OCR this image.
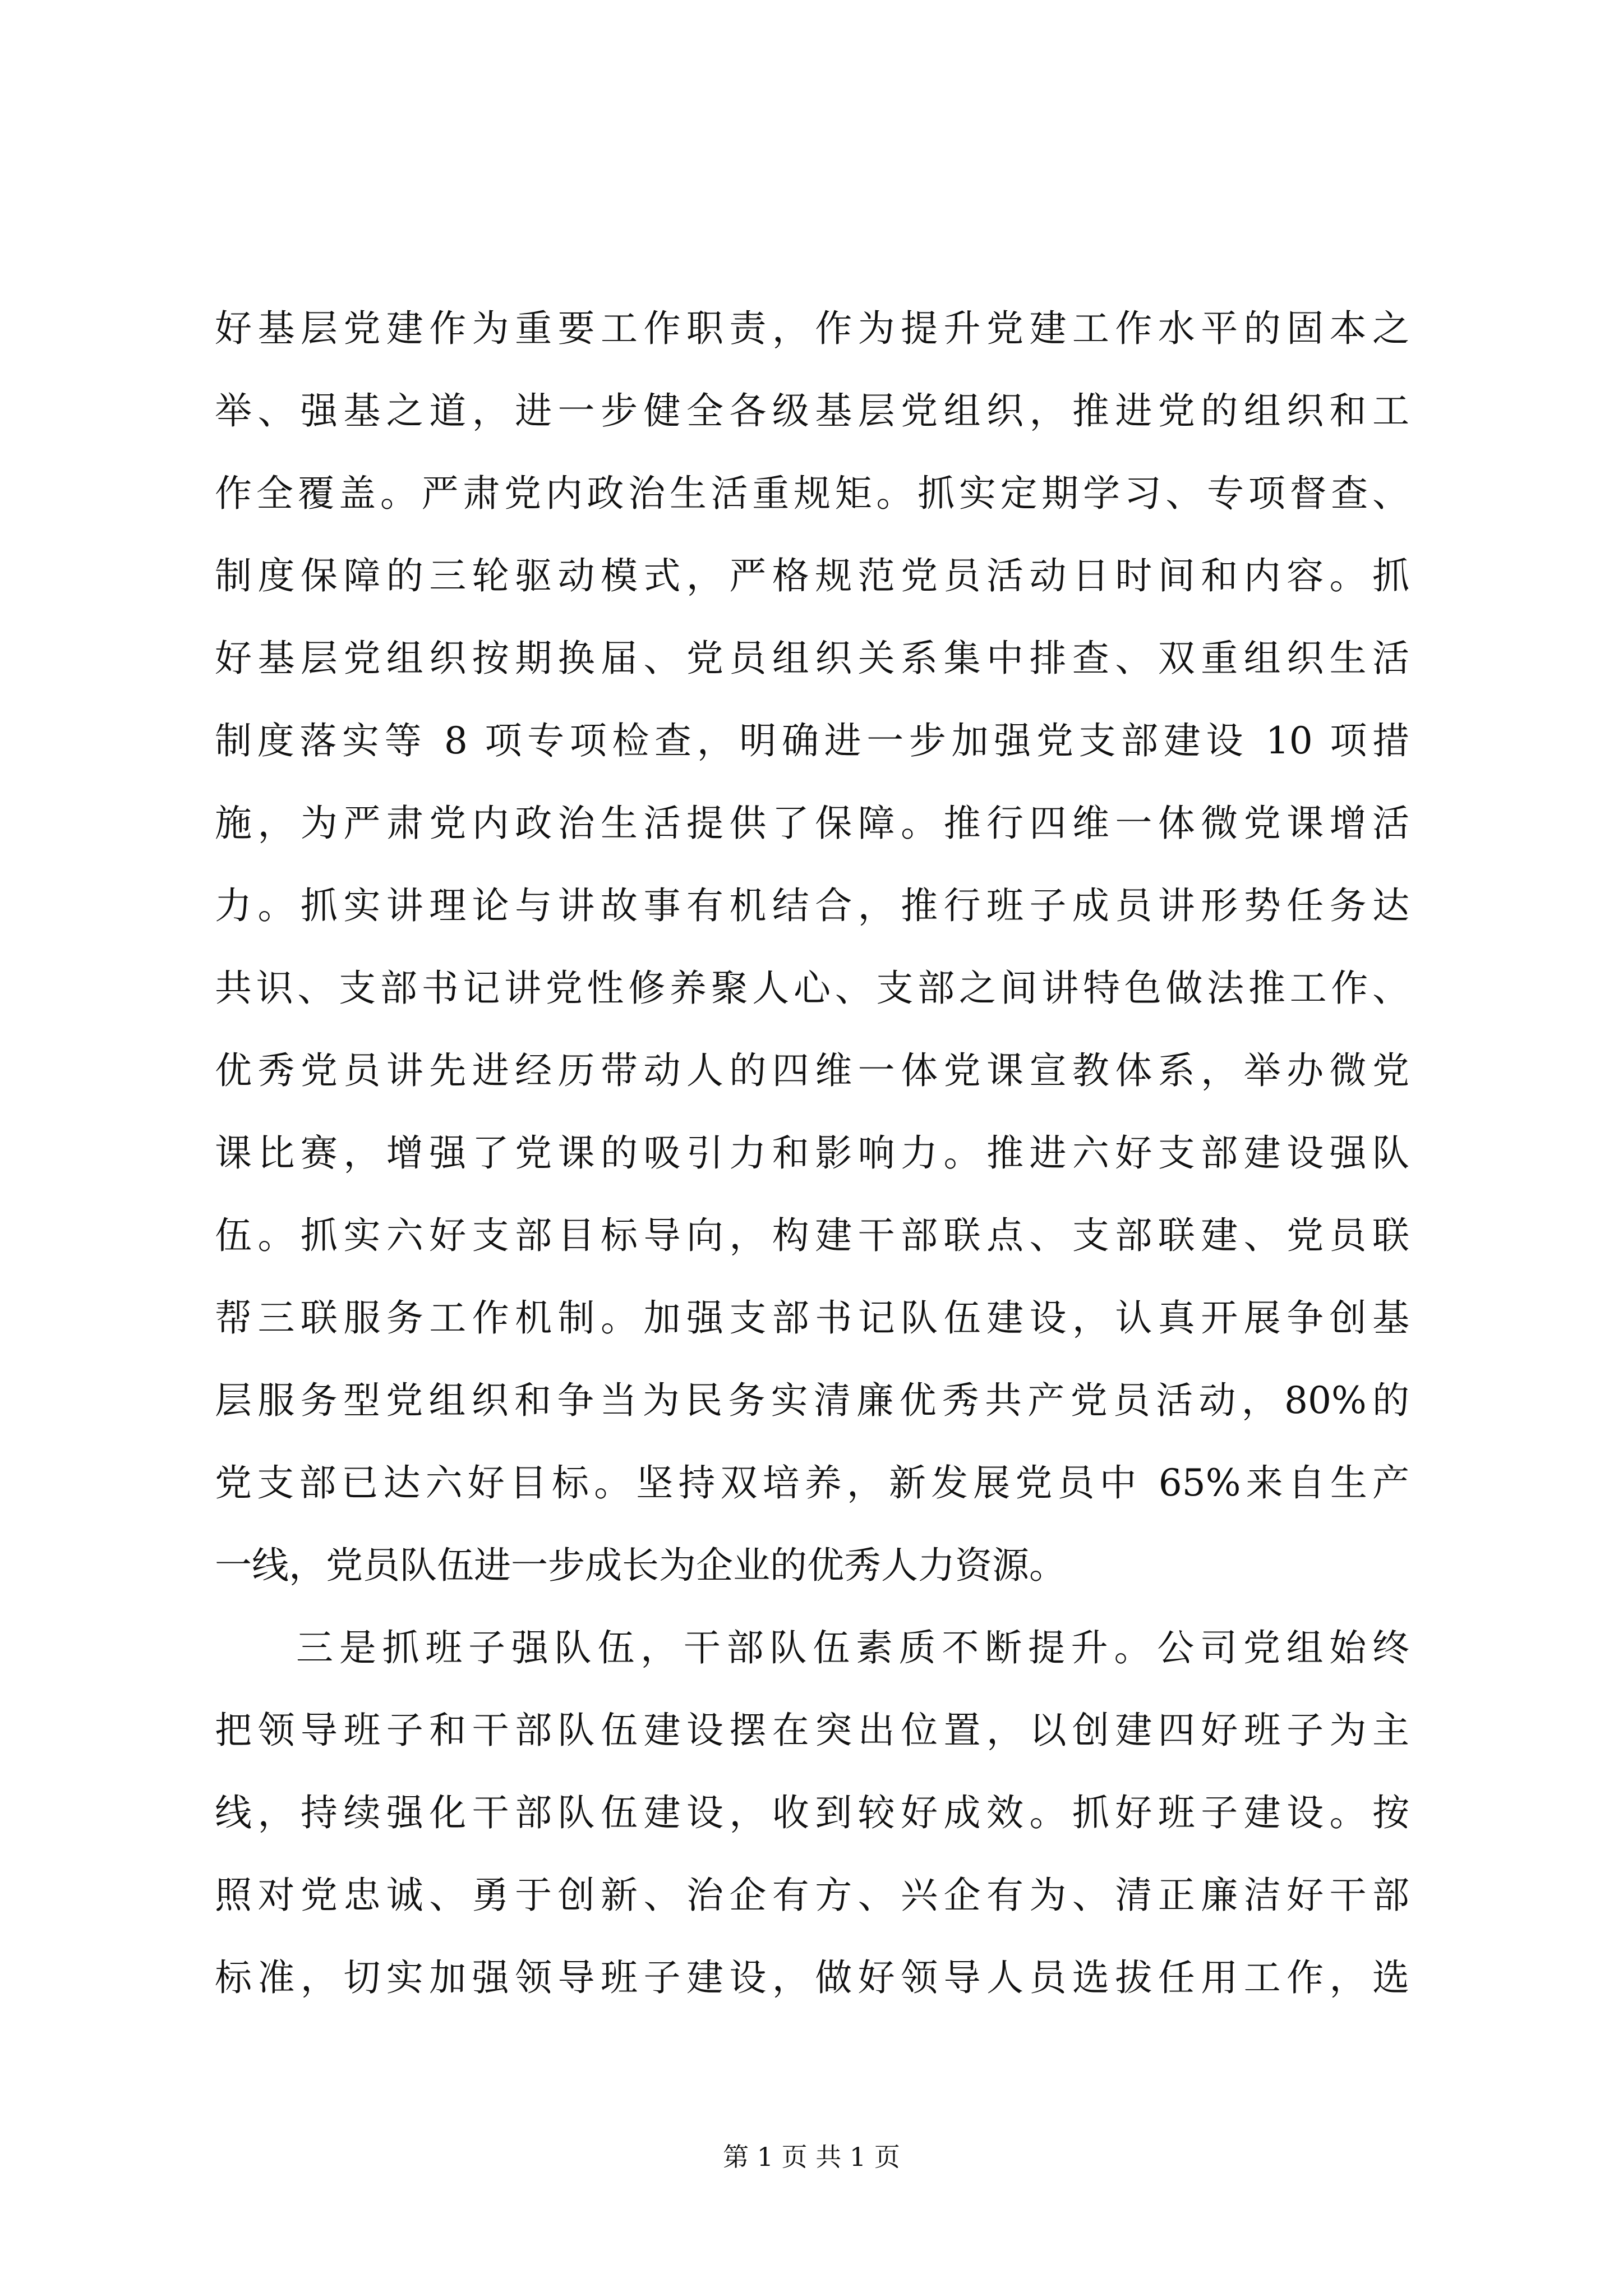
好基层党建作为重要工作职责，作为提升党建工作水平的固本之
举、强基之道，进一步健全各级基层党组织，推进党的组织和工
作全覆盖。严肃党内政治生活重规矩。抓实定期学习、专项督查、
制度保障的三轮驱动模式，严格规范党员活动日时间和内容。抓
好基层党组织按期换届、党员组织关系集中排查、双重组织生活
制度落实等 8 项专项检查，明确进一步加强党支部建设 10 项措
施，为严肃党内政治生活提供了保障。推行四维一体微党课增活
力。抓实讲理论与讲故事有机结合，推行班子成员讲形势任务达
共识、支部书记讲党性修养聚人心、支部之间讲特色做法推工作、
优秀党员讲先进经历带动人的四维一体党课宣教体系，举办微党
课比赛，增强了党课的吸引力和影响力。推进六好支部建设强队
伍。抓实六好支部目标导向，构建干部联点、支部联建、党员联
帮三联服务工作机制。加强支部书记队伍建设，认真开展争创基
层服务型党组织和争当为民务实清廉优秀共产党员活动，80%的
党支部已达六好目标。坚持双培养，新发展党员中 65%来自生产
一线，党员队伍进一步成长为企业的优秀人力资源。
三是抓班子强队伍，干部队伍素质不断提升。公司党组始终
把领导班子和干部队伍建设摆在突出位置，以创建四好班子为主
线，持续强化干部队伍建设，收到较好成效。抓好班子建设。按
照对党忠诚、勇于创新、治企有方、兴企有为、清正廉洁好干部
标准，切实加强领导班子建设，做好领导人员选拔任用工作，选
第 1 页 共 1 页
